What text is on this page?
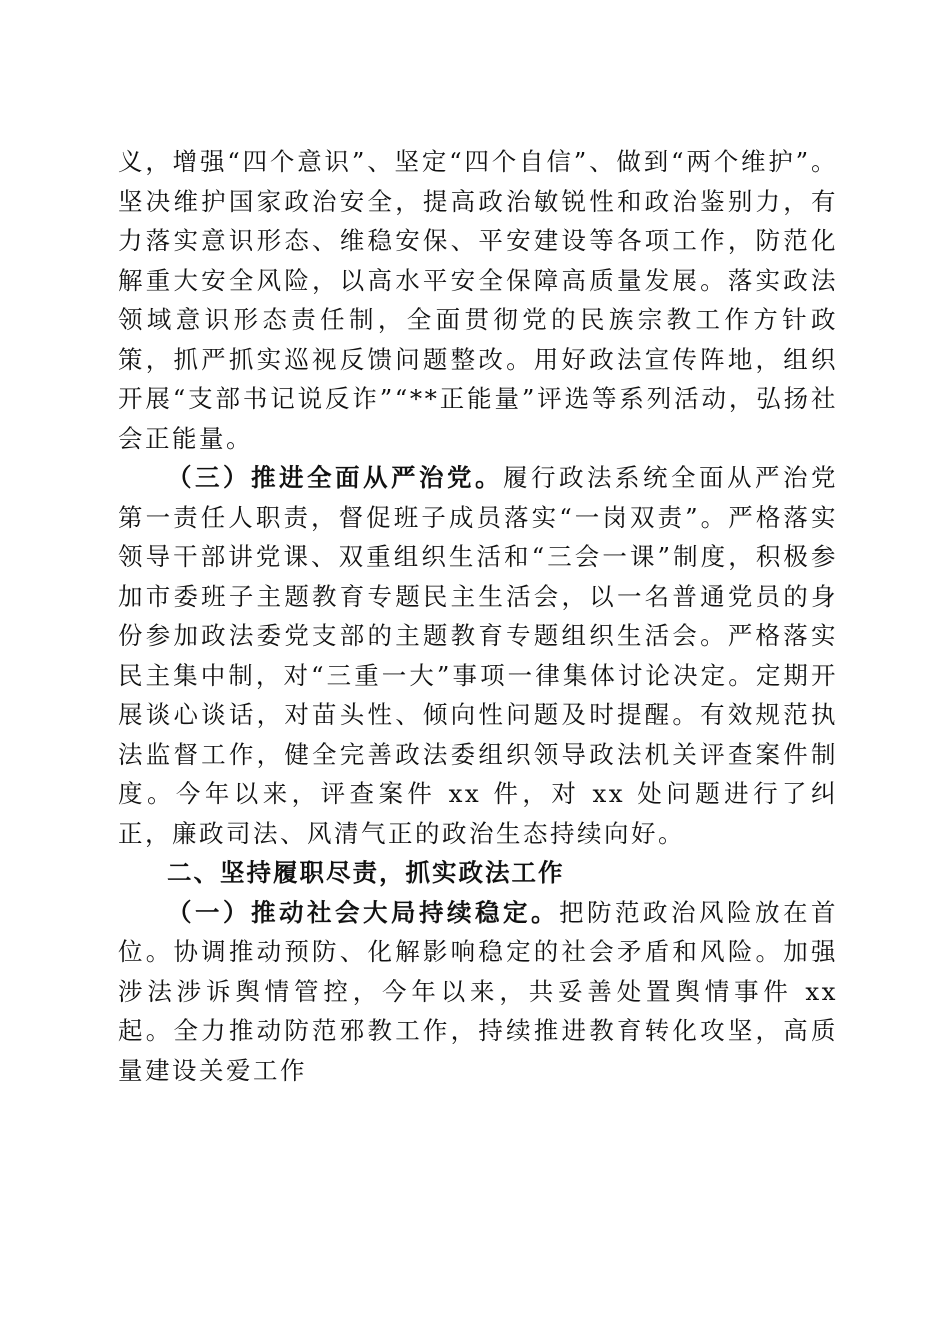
义，增强“四个意识”、坚定“四个自信”、做到“两个维护”。坚决维护国家政治安全，提高政治敏锐性和政治鉴别力，有力落实意识形态、维稳安保、平安建设等各项工作，防范化解重大安全风险，以高水平安全保障高质量发展。落实政法领域意识形态责任制，全面贯彻党的民族宗教工作方针政策，抓严抓实巡视反馈问题整改。用好政法宣传阵地，组织开展“支部书记说反诈”“**正能量”评选等系列活动，弘扬社会正能量。

（三）推进全面从严治党。履行政法系统全面从严治党第一责任人职责，督促班子成员落实“一岗双责”。严格落实领导干部讲党课、双重组织生活和“三会一课”制度，积极参加市委班子主题教育专题民主生活会，以一名普通党员的身份参加政法委党支部的主题教育专题组织生活会。严格落实民主集中制，对“三重一大”事项一律集体讨论决定。定期开展谈心谈话，对苗头性、倾向性问题及时提醒。有效规范执法监督工作，健全完善政法委组织领导政法机关评查案件制度。今年以来，评查案件 xx 件，对 xx 处问题进行了纠正，廉政司法、风清气正的政治生态持续向好。

二、坚持履职尽责，抓实政法工作

（一）推动社会大局持续稳定。把防范政治风险放在首位。协调推动预防、化解影响稳定的社会矛盾和风险。加强涉法涉诉舆情管控，今年以来，共妥善处置舆情事件 xx 起。全力推动防范邪教工作，持续推进教育转化攻坚，高质量建设关爱工作
